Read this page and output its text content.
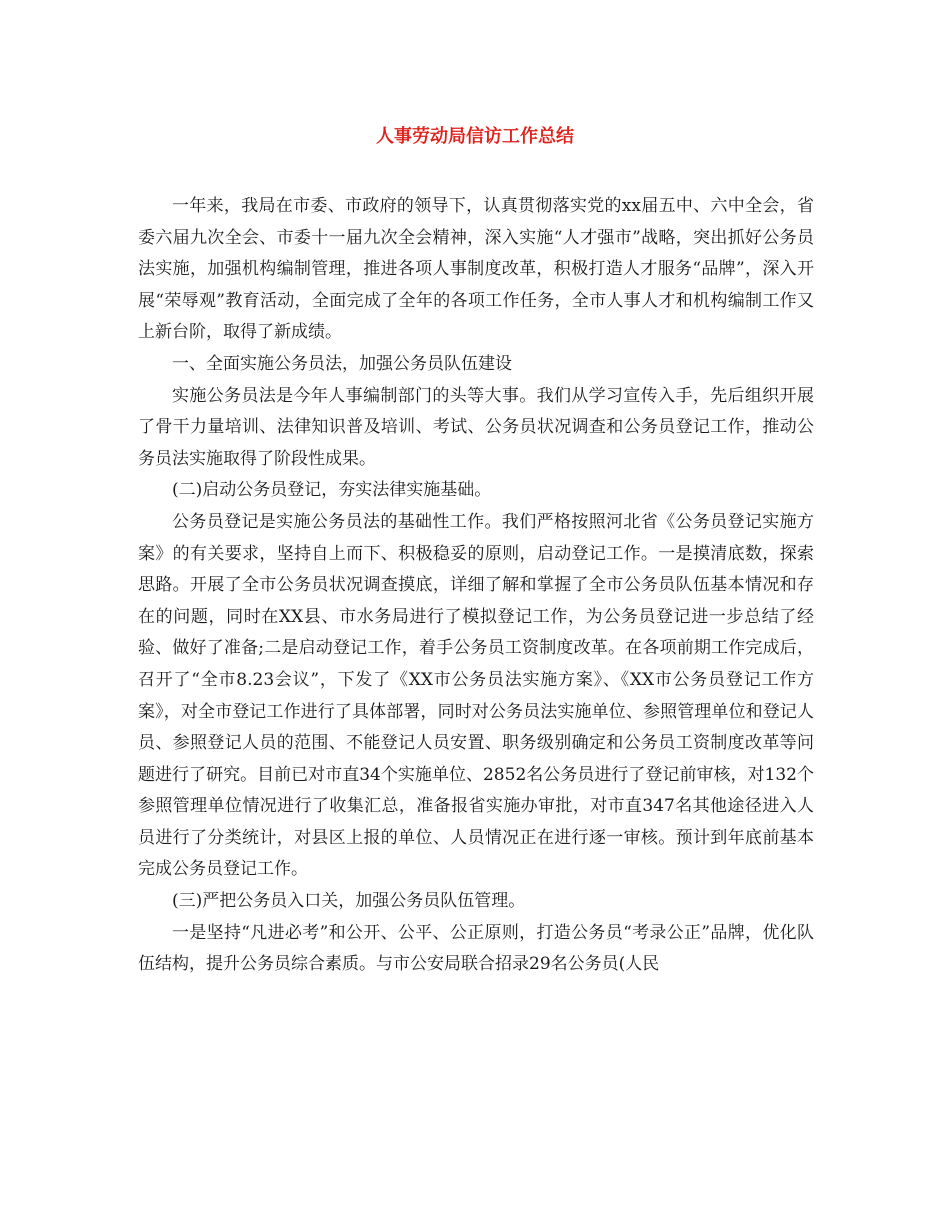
人事劳动局信访工作总结

一年来，我局在市委、市政府的领导下，认真贯彻落实党的xx届五中、六中全会，省委六届九次全会、市委十一届九次全会精神，深入实施“人才强市”战略，突出抓好公务员法实施，加强机构编制管理，推进各项人事制度改革，积极打造人才服务“品牌”，深入开展“荣辱观”教育活动，全面完成了全年的各项工作任务，全市人事人才和机构编制工作又上新台阶，取得了新成绩。

一、全面实施公务员法，加强公务员队伍建设

实施公务员法是今年人事编制部门的头等大事。我们从学习宣传入手，先后组织开展了骨干力量培训、法律知识普及培训、考试、公务员状况调查和公务员登记工作，推动公务员法实施取得了阶段性成果。

(二)启动公务员登记，夯实法律实施基础。

公务员登记是实施公务员法的基础性工作。我们严格按照河北省《公务员登记实施方案》的有关要求，坚持自上而下、积极稳妥的原则，启动登记工作。一是摸清底数，探索思路。开展了全市公务员状况调查摸底，详细了解和掌握了全市公务员队伍基本情况和存在的问题，同时在XX县、市水务局进行了模拟登记工作，为公务员登记进一步总结了经验、做好了准备;二是启动登记工作，着手公务员工资制度改革。在各项前期工作完成后，召开了“全市8.23会议”，下发了《XX市公务员法实施方案》、《XX市公务员登记工作方案》，对全市登记工作进行了具体部署，同时对公务员法实施单位、参照管理单位和登记人员、参照登记人员的范围、不能登记人员安置、职务级别确定和公务员工资制度改革等问题进行了研究。目前已对市直34个实施单位、2852名公务员进行了登记前审核，对132个参照管理单位情况进行了收集汇总，准备报省实施办审批，对市直347名其他途径进入人员进行了分类统计，对县区上报的单位、人员情况正在进行逐一审核。预计到年底前基本完成公务员登记工作。

(三)严把公务员入口关，加强公务员队伍管理。

一是坚持“凡进必考”和公开、公平、公正原则，打造公务员“考录公正”品牌，优化队伍结构，提升公务员综合素质。与市公安局联合招录29名公务员(人民
